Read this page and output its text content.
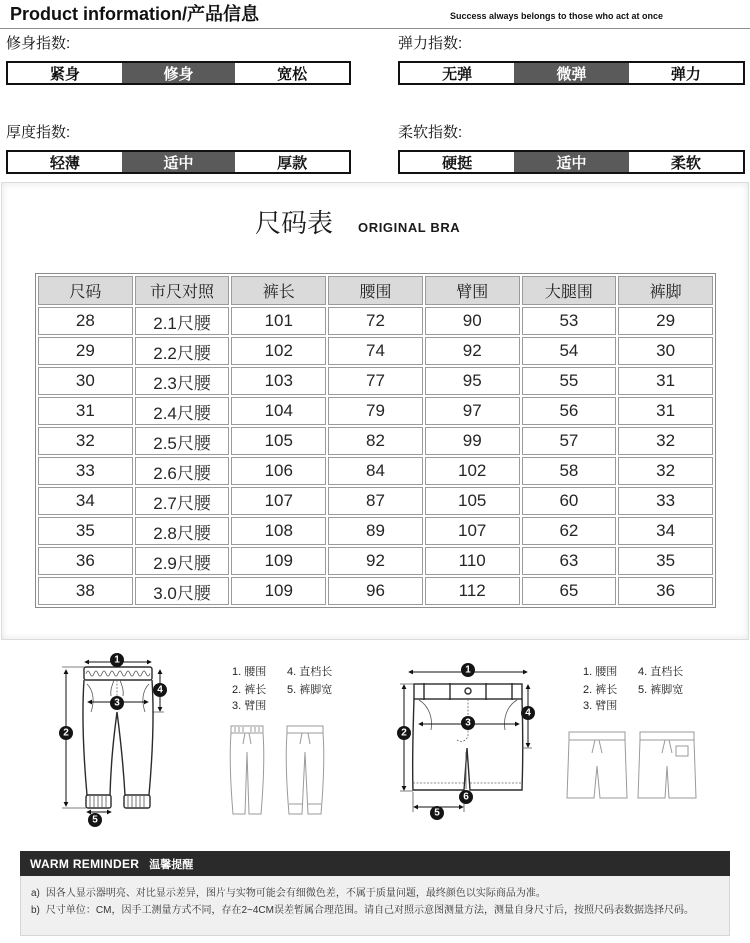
Product information/产品信息	Success always belongs to those who act at once
修身指数:
紧身	修身	宽松
弹力指数:
无弹	微弹	弹力
厚度指数:
轻薄	适中	厚款
柔软指数:
硬挺	适中	柔软
尺码表 ORIGINAL BRA
尺码	市尺对照	裤长	腰围	臂围	大腿围	裤脚
28	2.1尺腰	101	72	90	53	29
29	2.2尺腰	102	74	92	54	30
30	2.3尺腰	103	77	95	55	31
31	2.4尺腰	104	79	97	56	31
32	2.5尺腰	105	82	99	57	32
33	2.6尺腰	106	84	102	58	32
34	2.7尺腰	107	87	105	60	33
35	2.8尺腰	108	89	107	62	34
36	2.9尺腰	109	92	110	63	35
38	3.0尺腰	109	96	112	65	36
1
2
3
4
5
1
2
3
4
5
6
1. 腰围 4. 直档长
2. 裤长 5. 裤脚宽
3. 臂围
1. 腰围 4. 直档长
2. 裤长 5. 裤脚宽
3. 臂围
WARM REMINDER 温馨提醒
a) 因各人显示器明亮、对比显示差异，图片与实物可能会有细微色差，不属于质量问题，最终颜色以实际商品为准。
b) 尺寸单位：CM，因手工测量方式不同，存在2~4CM误差暂属合理范围。请自己对照示意图测量方法，测量自身尺寸后，按照尺码表数据选择尺码。
